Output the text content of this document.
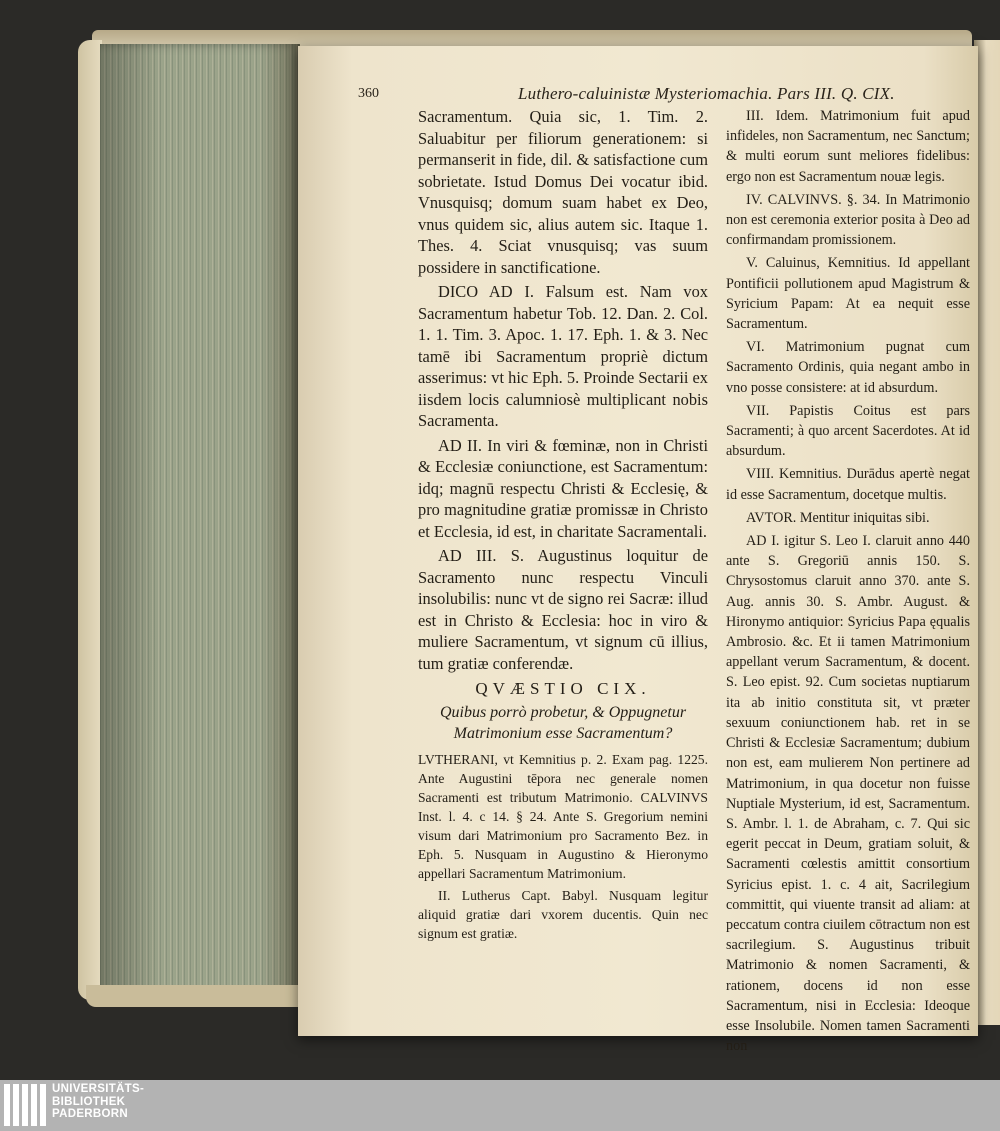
360	Luthero-caluinistæ Mysteriomachia. Pars III. Q. CIX.

Sacramentum. Quia sic, 1. Tim. 2. Saluabitur per filiorum generationem: si permanserit in fide, dil. & satisfactione cum sobrietate. Istud Domus Dei vocatur ibid. Vnusquisq; domum suam habet ex Deo, vnus quidem sic, alius autem sic. Itaque 1. Thes. 4. Sciat vnusquisq; vas suum possidere in sanctificatione.

DICO AD I. Falsum est. Nam vox Sacramentum habetur Tob. 12. Dan. 2. Col. 1. 1. Tim. 3. Apoc. 1. 17. Eph. 1. & 3. Nec tamē ibi Sacramentum propriè dictum asserimus: vt hic Eph. 5. Proinde Sectarii ex iisdem locis calumniosè multiplicant nobis Sacramenta.

AD II. In viri & fœminæ, non in Christi & Ecclesiæ coniunctione, est Sacramentum: idq; magnū respectu Christi & Ecclesię, & pro magnitudine gratiæ promissæ in Christo et Ecclesia, id est, in charitate Sacramentali.

AD III. S. Augustinus loquitur de Sacramento nunc respectu Vinculi insolubilis: nunc vt de signo rei Sacræ: illud est in Christo & Ecclesia: hoc in viro & muliere Sacramentum, vt signum cū illius, tum gratiæ conferendæ.

QVÆSTIO CIX.

Quibus porrò probetur, & Oppugnetur Matrimonium esse Sacramentum?

LVTHERANI, vt Kemnitius p. 2. Exam pag. 1225. Ante Augustini tēpora nec generale nomen Sacramenti est tributum Matrimonio. CALVINVS Inst. l. 4. c 14. § 24. Ante S. Gregorium nemini visum dari Matrimonium pro Sacramento Bez. in Eph. 5. Nusquam in Augustino & Hieronymo appellari Sacramentum Matrimonium.

II. Lutherus Capt. Babyl. Nusquam legitur aliquid gratiæ dari vxorem ducentis. Quin nec signum est gratiæ.

III. Idem. Matrimonium fuit apud infideles, non Sacramentum, nec Sanctum; & multi eorum sunt meliores fidelibus: ergo non est Sacramentum nouæ legis.

IV. CALVINVS. §. 34. In Matrimonio non est ceremonia exterior posita à Deo ad confirmandam promissionem.

V. Caluinus, Kemnitius. Id appellant Pontificii pollutionem apud Magistrum & Syricium Papam: At ea nequit esse Sacramentum.

VI. Matrimonium pugnat cum Sacramento Ordinis, quia negant ambo in vno posse consistere: at id absurdum.

VII. Papistis Coitus est pars Sacramenti; à quo arcent Sacerdotes. At id absurdum.

VIII. Kemnitius. Durādus apertè negat id esse Sacramentum, docetque multis.

AVTOR. Mentitur iniquitas sibi.

AD I. igitur S. Leo I. claruit anno 440 ante S. Gregoriū annis 150. S. Chrysostomus claruit anno 370. ante S. Aug. annis 30. S. Ambr. August. & Hironymo antiquior: Syricius Papa ęqualis Ambrosio. &c. Et ii tamen Matrimonium appellant verum Sacramentum, & docent. S. Leo epist. 92. Cum societas nuptiarum ita ab initio constituta sit, vt præter sexuum coniunctionem hab. ret in se Christi & Ecclesiæ Sacramentum; dubium non est, eam mulierem Non pertinere ad Matrimonium, in qua docetur non fuisse Nuptiale Mysterium, id est, Sacramentum. S. Ambr. l. 1. de Abraham, c. 7. Qui sic egerit peccat in Deum, gratiam soluit, & Sacramenti cœlestis amittit consortium Syricius epist. 1. c. 4 ait, Sacrilegium committit, qui viuente transit ad aliam: at peccatum contra ciuilem cōtractum non est sacrilegium. S. Augustinus tribuit Matrimonio & nomen Sacramenti, & rationem, docens id non esse Sacramentum, nisi in Ecclesia: Ideoque esse Insolubile. Nomen tamen Sacramenti non

UNIVERSITÄTS-
BIBLIOTHEK
PADERBORN
